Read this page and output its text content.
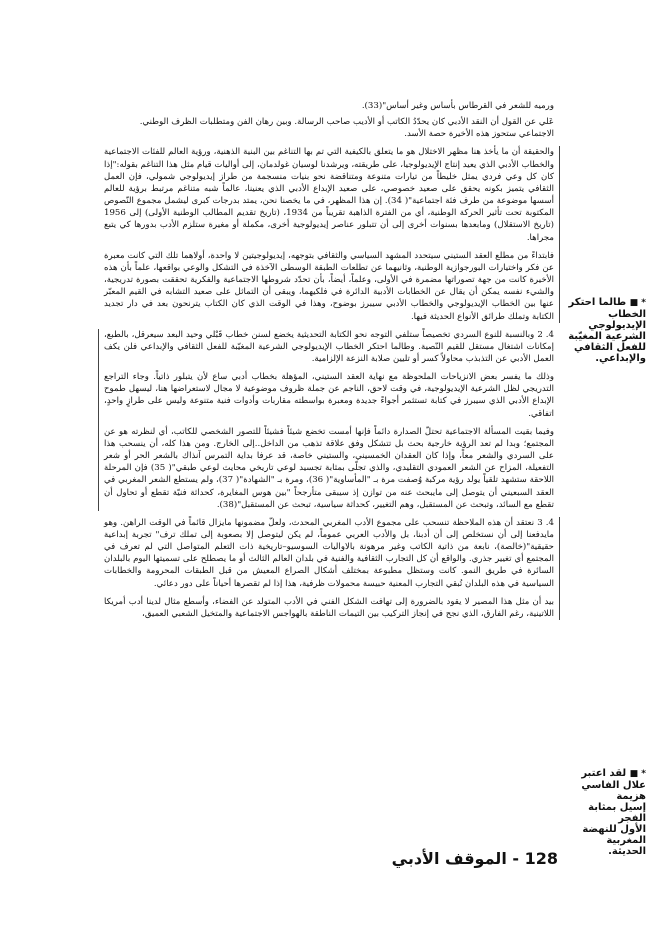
ورميه للشعر في القرطاس بأساس وغير أساس"(33).

عَلي عن القول أن النقد الأدبي كان يحدّدُ الكاتب أو الأديب صاحب الرسالة. وبين رهان الفن ومتطلبات الظرف الوطني.

الاجتماعي ستحوز هذه الأخيرة حصة الأسد.

والحقيقة أن ما يأخذ هنا مظهر الاختلال هو ما يتعلق بالكيفية التي تم بها التناغم بين البنية الذهنية، ورؤية العالم للفئات الاجتماعية والخطاب الأدبي الذي يعيد إنتاج الإيديولوجيا، على طريقته، ويرشدنا لوسيان غولدمان، إلى أواليات قيام مثل هذا التناغم بقوله:"إذا كان كل وعي فردي يمثل خليطاً من تيارات متنوعة ومتناقضة نحو بنيات منسجمة من طراز إيديولوجي شمولي، فإن العمل الثقافي يتميز بكونه يحقق على صعيد خصوصي، على صعيد الإبداع الأدبي الذي يعنينا، عالماً شبه متناغم مرتبط برؤية للعالم أسسها موضوعة من طرف فئة اجتماعية"( 34). إن هذا المظهر، في ما يخصنا نحن، يمتد بدرجات كبرى ليشمل مجموع النّصوص المكتوبة تحت تأثير الحركة الوطنية، أي من الفترة الذاهبة تقريباً من 1934، (تاريخ تقديم المطالب الوطنية الأولى) إلى 1956 (تاريخ الاستقلال) ومابعدها بسنوات أخرى إلى أن تتبلور عناصر إيديولوجية أخرى، مكملة أو مغيرة ستلزم الأدب بدورها كي يتبع مجراها.

فابتداءً من مطلع العقد الستيني سيتحدد المشهد السياسي والثقافي بتوجهه، إيديولوجيتين لا واحدة، أولاهما تلك التي كانت معبرة عن فكر واختيارات البورجوازية الوطنية، وثانيهما عن تطلعات الطبقة الوسطى الآخذة في التشكل والوعي بواقعها، علماً بأن هذه الأخيرة كانت من جهة تصوراتها مضمرة في الأولى، وعلماً، أيضاً، بأن تحدّد شروطها الاجتماعية والفكرية تحققت بصورة تدريجية، والشيء نفسه يمكن أن يقال عن الخطابات الأدبية الدائرة في فلكيهما، ويبقى أن التماثل على صعيد التشابه في القيم المعبّر عنها بين الخطاب الإيديولوجي والخطاب الأدبي سيبرز بوضوح، وهذا في الوقت الذي كان الكتاب يترنحون بعد في دار تجديد الكتابة وتملك طرائق الأنواع الحديثة فيها.

4. 2 وبالنسبة للنوع السردي تخصيصاً ستلفي التوجه نحو الكتابة التحديثية يخضع لسنن خطاب قَبْلي وحيد البعد سيعرقل، بالطبع، إمكانات اشتغال مستقل للقيم النّصية. وطالما احتكر الخطاب الإيديولوجي الشرعية المغيّبة للفعل الثقافي والإبداعي فلن يكف العمل الأدبي عن التذبذب محاولاً كسر أو تليين صلابة النزعة الإلزامية.

وذلك ما يفسر بعض الانزياحات الملحوظة مع نهاية العقد الستيني، المؤهلة بخطاب أدبي ساع لأن يتبلور ذاتياً. وجاء التراجع التدريجي لظل الشرعية الإيديولوجية، في وقت لاحق، الناجم عن جملة ظروف موضوعية لا مجال لاستعراضها هنا، ليسهل طموح الإبداع الأدبي الذي سيبرز في كتابة تستثمر أجواءً جديدة ومعبرة بواسطته مقاربات وأدوات فنية متنوعة وليس على طرازٍ واحدٍ، اتفاقي.

وفيما بقيت المسألة الاجتماعية تحتلّ الصدارة دائماً فإنها أمست تخضع شيئاً فشيئاً للتصور الشخصي للكاتب، أي لنظرته هو عن المجتمع؛ وبدا لم تعد الرؤية خارجية بحث بل تتشكل وفق علاقة تذهب من الداخل..إلى الخارج. ومن هذا كله، أن ينسحب هذا على السردي والشعر معاً، وإذا كان العقدان الخمسيني، والستيني خاصة، قد عرفا بداية التمرس آنذاك بالشعر الحر أو شعر التفعيلة، المزاح عن الشعر العمودي التقليدي، والذي تجلّى بمثابة تجسيد لوعي تاريخي محايث لوعي طبقي"( 35) فإن المرحلة اللاحقة ستشهد تلقياً يولد رؤية مركبة وُصفت مرة بـ "المأساوية"( 36)، ومرة بـ "الشهادة"( 37)، ولم يستطع الشعر المغربي في العقد السبعيني أن يتوصل إلى مايبحث عنه من توازن إذ سيبقى متأرجحاً "بين هوس المغايرة، كحداثة فنيّة تقطع أو تحاول أن تقطع مع السائد، وتبحث عن المستقبل، وهم التغيير، كحداثة سياسية، تبحث عن المستقبل"(38).

4. 3 نعتقد أن هذه الملاحظة تنسحب على مجموع الأدب المغربي المحدث، ولعلّ مضمونها مايزال قائماً في الوقت الراهن. وهو مايدفعنا إلى أن نستخلص إلى أن أدبنا، بل والأدب العربي عموماً، لم يكن ليتوصل إلا بصعوبة إلى تملك ترف" تجربة إبداعية حقيقية"(خالصة)، نابعة من ذاتية الكاتب وغير مرهونة بالاواليات السوسيو–تاريخية ذات التعلم المتواصل التي لم تعرف في المجتمع أي تغيير جذري. والواقع أن كل التجارب الثقافية والفنية في بلدان العالم الثالث أو ما يصطلح على تسميتها اليوم بالبلدان السائرة في طريق النمو. كانت وستظل مطبوعة بمختلف أشكال الصراع المعيش من قبل الطبقات المحرومة والخطابات السياسية في هذه البلدان تُبقي التجارب المعنية حبيسة محمولات ظرفية، هذا إذا لم تقصرها أحياناً على دور دعائي.

بيد أن مثل هذا المصير لا يقود بالضرورة إلى تهافت الشكل الفني في الأدب المتولد عن الفضاء، وأسطع مثال لدينا أدب أمريكا اللاتينية، رغم الفارق، الذي نجح في إنجاز التركيب بين التيمات الناطقة بالهواجس الاجتماعية والمتخيل الشعبي العميق،

* ■ طالما احتكر
الخطاب
الإيديولوجي
الشرعية المغيّبة
للفعل الثقافي
والإبداعي.
* ■ لقد اعتبر
علال الفاسي هزيمة
إسيل بمثابة الفجر
الأول للنهضة
المغربية الحديثة.
128 - الموقف الأدبي
